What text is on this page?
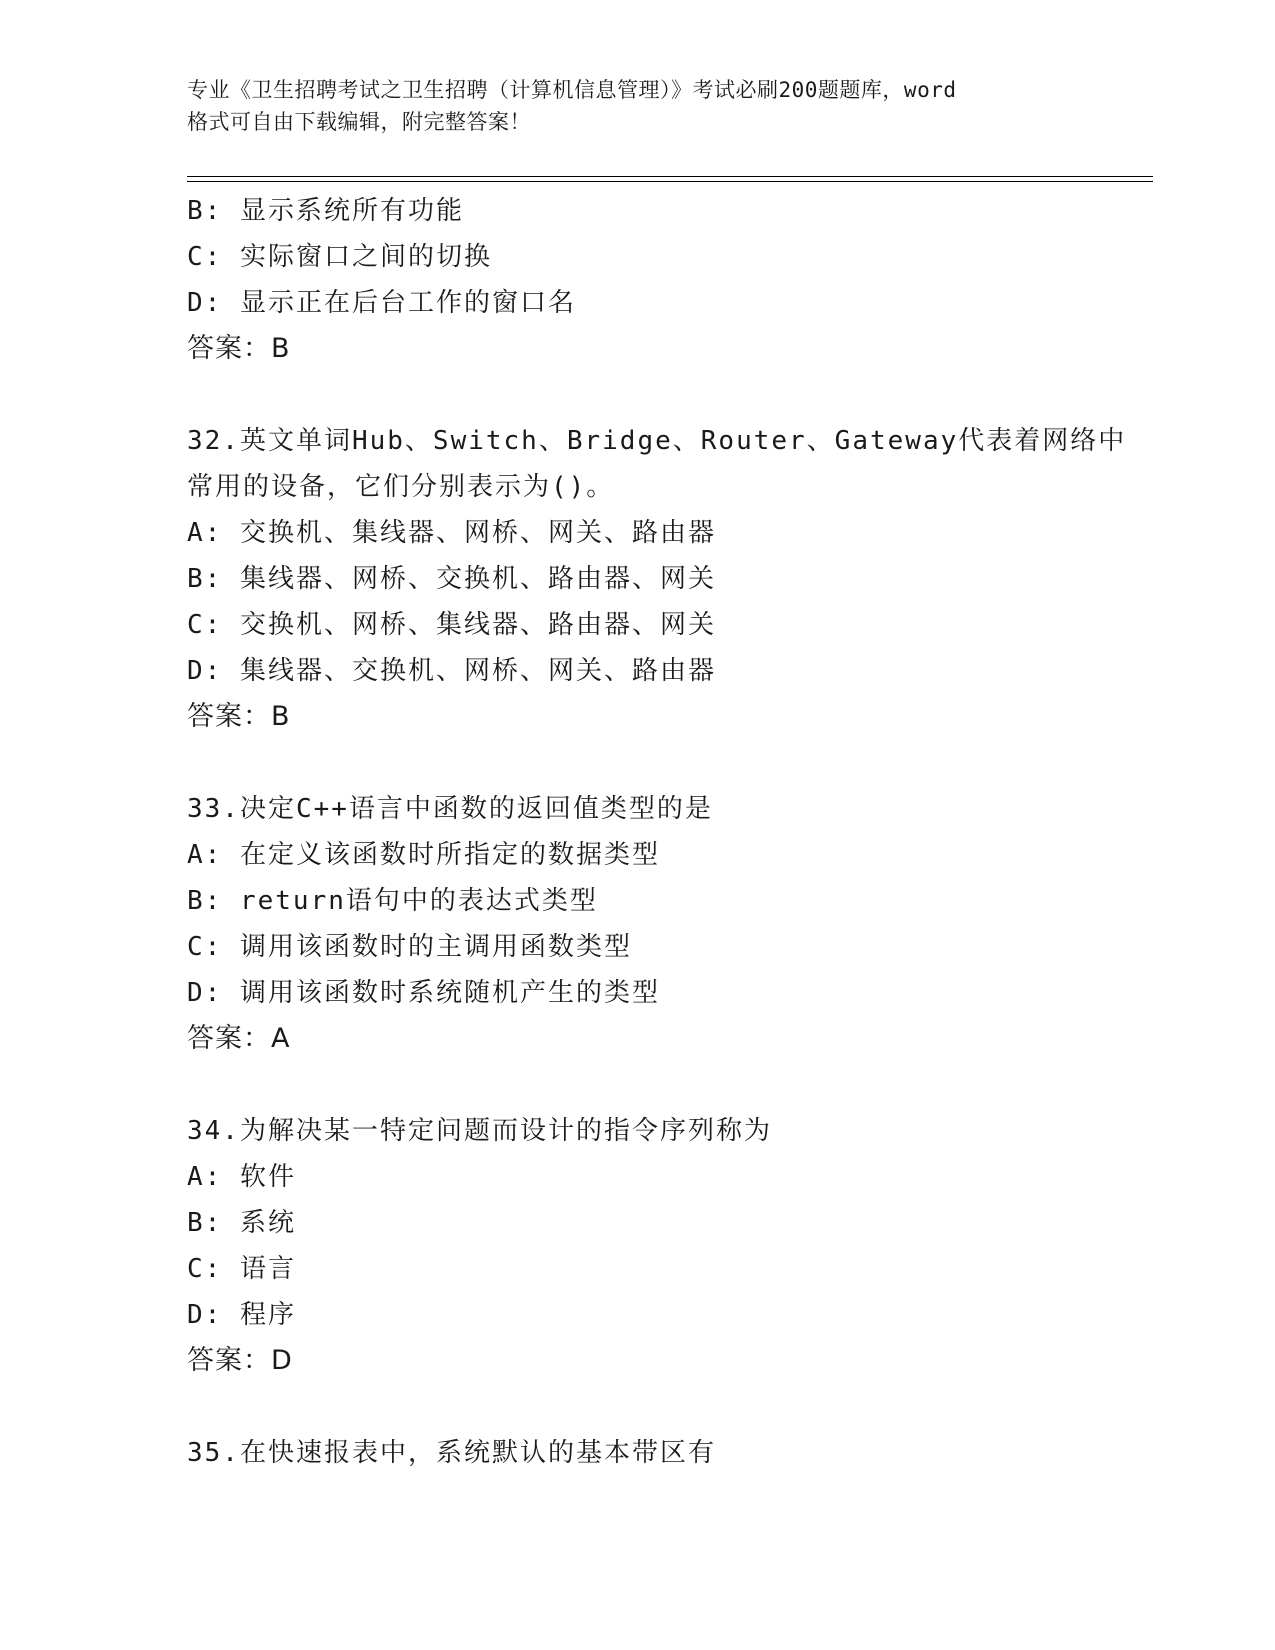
专业《卫生招聘考试之卫生招聘（计算机信息管理）》考试必刷200题题库，word
格式可自由下载编辑，附完整答案！
B: 显示系统所有功能
C: 实际窗口之间的切换
D: 显示正在后台工作的窗口名
答案：B
32.英文单词Hub、Switch、Bridge、Router、Gateway代表着网络中
常用的设备，它们分别表示为()。
A: 交换机、集线器、网桥、网关、路由器
B: 集线器、网桥、交换机、路由器、网关
C: 交换机、网桥、集线器、路由器、网关
D: 集线器、交换机、网桥、网关、路由器
答案：B
33.决定C++语言中函数的返回值类型的是
A: 在定义该函数时所指定的数据类型
B: return语句中的表达式类型
C: 调用该函数时的主调用函数类型
D: 调用该函数时系统随机产生的类型
答案：A
34.为解决某一特定问题而设计的指令序列称为
A: 软件
B: 系统
C: 语言
D: 程序
答案：D
35.在快速报表中，系统默认的基本带区有
